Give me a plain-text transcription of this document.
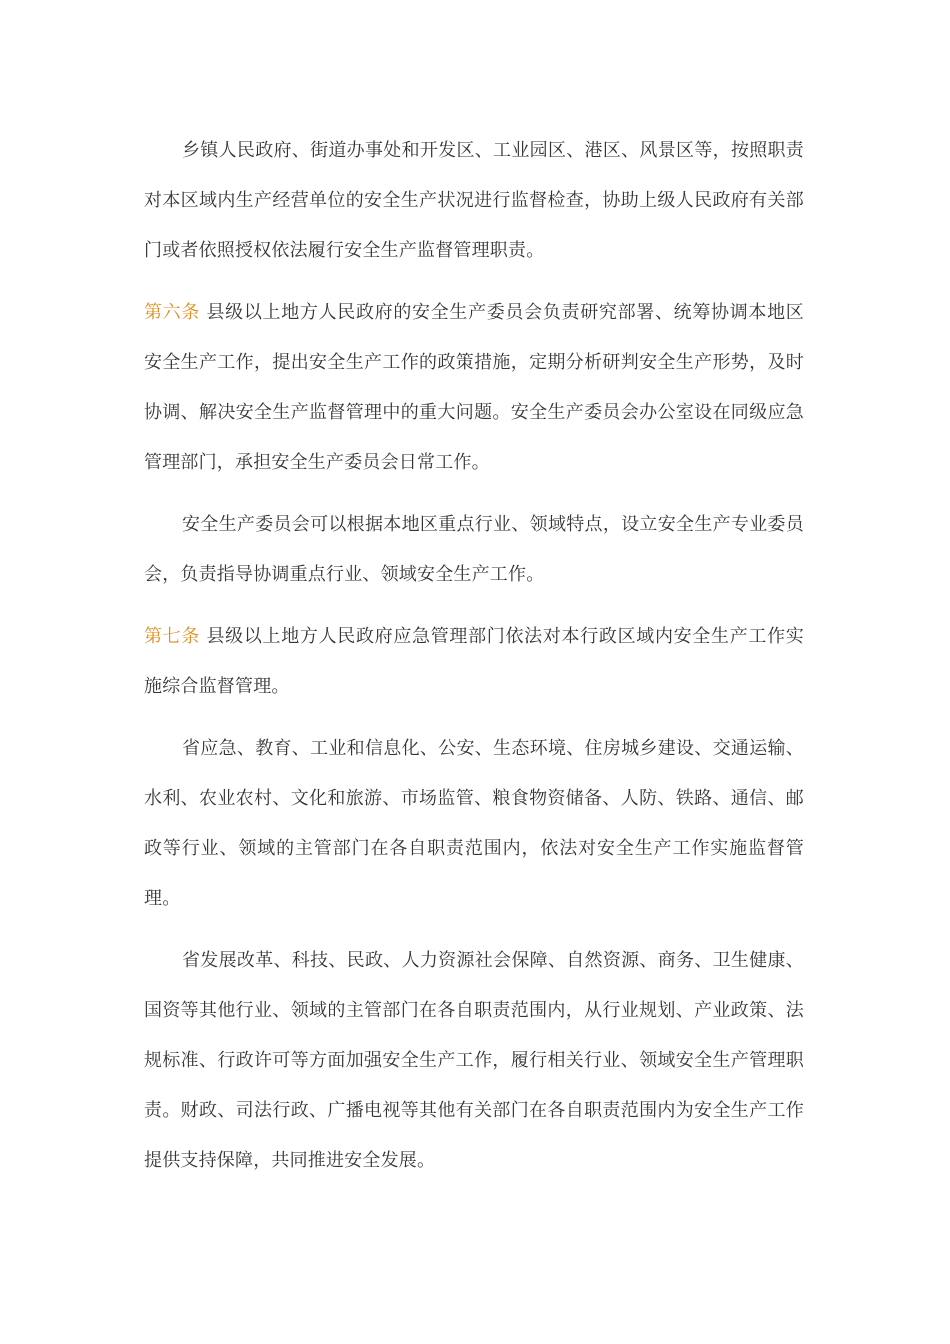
乡镇人民政府、街道办事处和开发区、工业园区、港区、风景区等，按照职责对本区域内生产经营单位的安全生产状况进行监督检查，协助上级人民政府有关部门或者依照授权依法履行安全生产监督管理职责。

第六条 县级以上地方人民政府的安全生产委员会负责研究部署、统筹协调本地区安全生产工作，提出安全生产工作的政策措施，定期分析研判安全生产形势，及时协调、解决安全生产监督管理中的重大问题。安全生产委员会办公室设在同级应急管理部门，承担安全生产委员会日常工作。

安全生产委员会可以根据本地区重点行业、领域特点，设立安全生产专业委员会，负责指导协调重点行业、领域安全生产工作。

第七条 县级以上地方人民政府应急管理部门依法对本行政区域内安全生产工作实施综合监督管理。

省应急、教育、工业和信息化、公安、生态环境、住房城乡建设、交通运输、水利、农业农村、文化和旅游、市场监管、粮食物资储备、人防、铁路、通信、邮政等行业、领域的主管部门在各自职责范围内，依法对安全生产工作实施监督管理。

省发展改革、科技、民政、人力资源社会保障、自然资源、商务、卫生健康、国资等其他行业、领域的主管部门在各自职责范围内，从行业规划、产业政策、法规标准、行政许可等方面加强安全生产工作，履行相关行业、领域安全生产管理职责。财政、司法行政、广播电视等其他有关部门在各自职责范围内为安全生产工作提供支持保障，共同推进安全发展。
